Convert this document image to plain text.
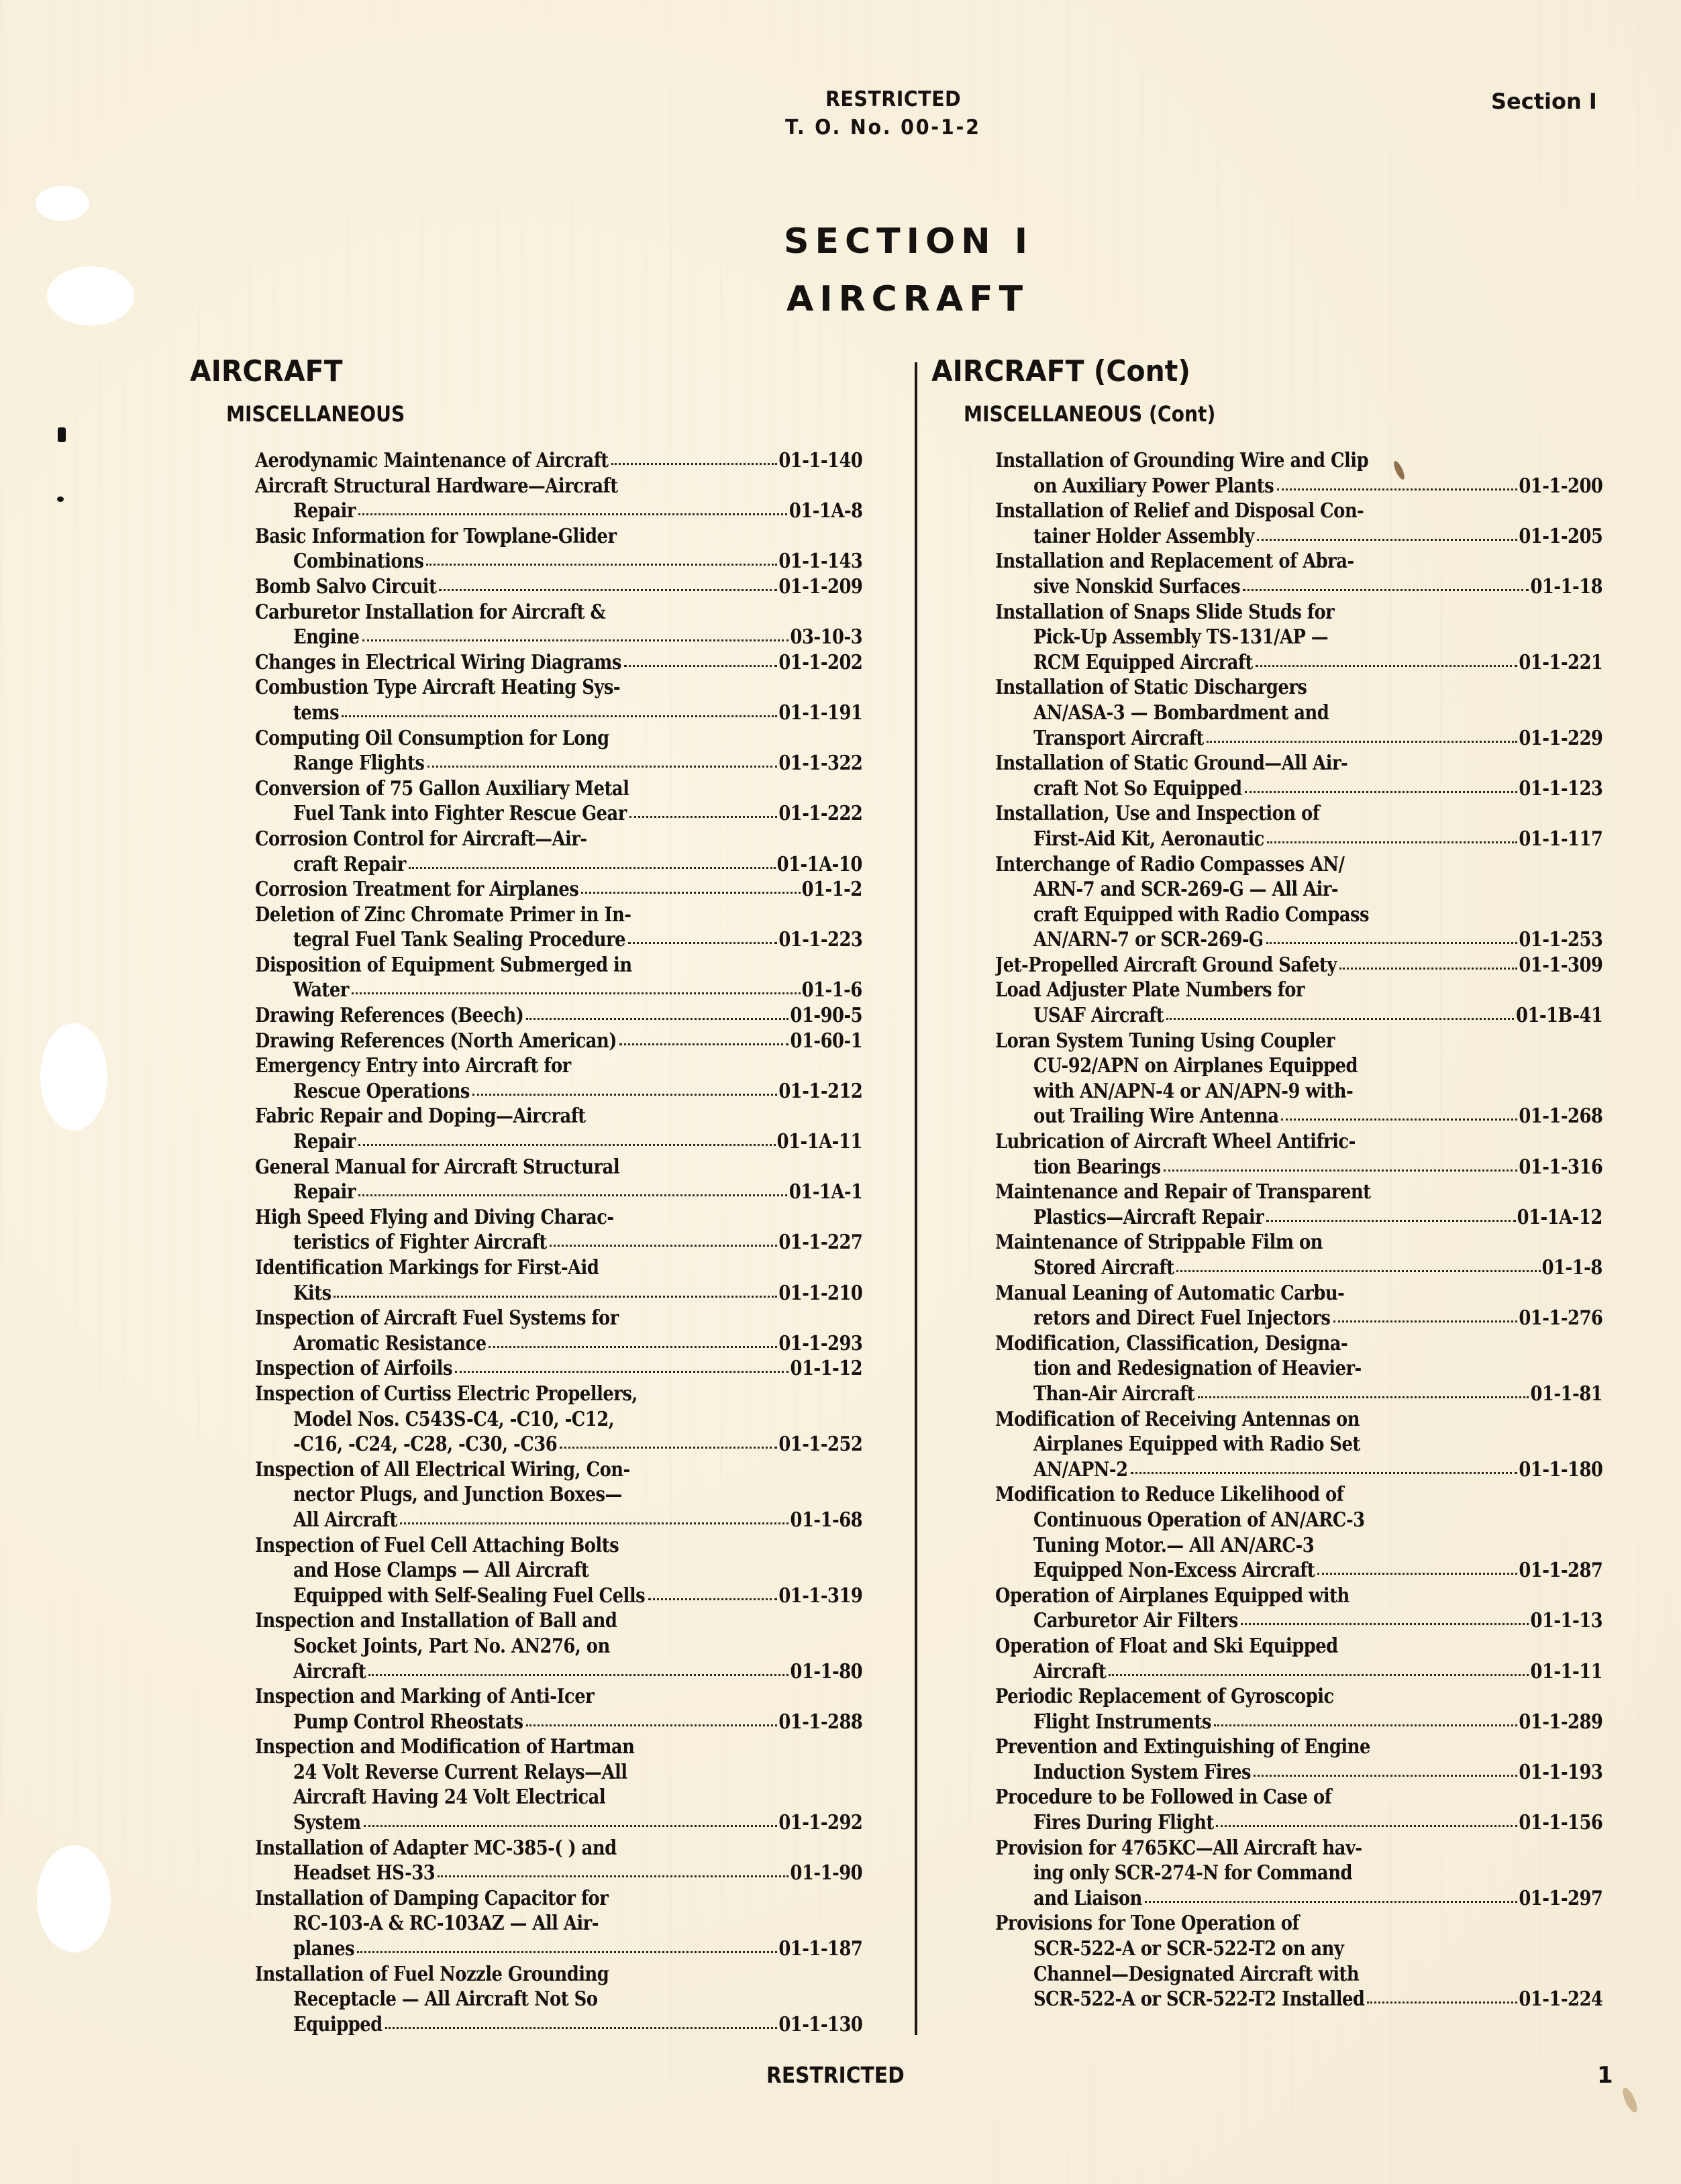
RESTRICTED
T. O. No. 00-1-2
Section I
SECTION I
AIRCRAFT
AIRCRAFT
MISCELLANEOUS
Aerodynamic Maintenance of Aircraft	01-1-140
Aircraft Structural Hardware—Aircraft
Repair	01-1A-8
Basic Information for Towplane-Glider
Combinations	01-1-143
Bomb Salvo Circuit	01-1-209
Carburetor Installation for Aircraft &
Engine	03-10-3
Changes in Electrical Wiring Diagrams	01-1-202
Combustion Type Aircraft Heating Sys-
tems	01-1-191
Computing Oil Consumption for Long
Range Flights	01-1-322
Conversion of 75 Gallon Auxiliary Metal
Fuel Tank into Fighter Rescue Gear	01-1-222
Corrosion Control for Aircraft—Air-
craft Repair	01-1A-10
Corrosion Treatment for Airplanes	01-1-2
Deletion of Zinc Chromate Primer in In-
tegral Fuel Tank Sealing Procedure	01-1-223
Disposition of Equipment Submerged in
Water	01-1-6
Drawing References (Beech)	01-90-5
Drawing References (North American)	01-60-1
Emergency Entry into Aircraft for
Rescue Operations	01-1-212
Fabric Repair and Doping—Aircraft
Repair	01-1A-11
General Manual for Aircraft Structural
Repair	01-1A-1
High Speed Flying and Diving Charac-
teristics of Fighter Aircraft	01-1-227
Identification Markings for First-Aid
Kits	01-1-210
Inspection of Aircraft Fuel Systems for
Aromatic Resistance	01-1-293
Inspection of Airfoils	01-1-12
Inspection of Curtiss Electric Propellers,
Model Nos. C543S-C4, -C10, -C12,
-C16, -C24, -C28, -C30, -C36	01-1-252
Inspection of All Electrical Wiring, Con-
nector Plugs, and Junction Boxes—
All Aircraft	01-1-68
Inspection of Fuel Cell Attaching Bolts
and Hose Clamps — All Aircraft
Equipped with Self-Sealing Fuel Cells	01-1-319
Inspection and Installation of Ball and
Socket Joints, Part No. AN276, on
Aircraft	01-1-80
Inspection and Marking of Anti-Icer
Pump Control Rheostats	01-1-288
Inspection and Modification of Hartman
24 Volt Reverse Current Relays—All
Aircraft Having 24 Volt Electrical
System	01-1-292
Installation of Adapter MC-385-( ) and
Headset HS-33	01-1-90
Installation of Damping Capacitor for
RC-103-A & RC-103AZ — All Air-
planes	01-1-187
Installation of Fuel Nozzle Grounding
Receptacle — All Aircraft Not So
Equipped	01-1-130
AIRCRAFT (Cont)
MISCELLANEOUS (Cont)
Installation of Grounding Wire and Clip
on Auxiliary Power Plants	01-1-200
Installation of Relief and Disposal Con-
tainer Holder Assembly	01-1-205
Installation and Replacement of Abra-
sive Nonskid Surfaces	01-1-18
Installation of Snaps Slide Studs for
Pick-Up Assembly TS-131/AP —
RCM Equipped Aircraft	01-1-221
Installation of Static Dischargers
AN/ASA-3 — Bombardment and
Transport Aircraft	01-1-229
Installation of Static Ground—All Air-
craft Not So Equipped	01-1-123
Installation, Use and Inspection of
First-Aid Kit, Aeronautic	01-1-117
Interchange of Radio Compasses AN/
ARN-7 and SCR-269-G — All Air-
craft Equipped with Radio Compass
AN/ARN-7 or SCR-269-G	01-1-253
Jet-Propelled Aircraft Ground Safety	01-1-309
Load Adjuster Plate Numbers for
USAF Aircraft	01-1B-41
Loran System Tuning Using Coupler
CU-92/APN on Airplanes Equipped
with AN/APN-4 or AN/APN-9 with-
out Trailing Wire Antenna	01-1-268
Lubrication of Aircraft Wheel Antifric-
tion Bearings	01-1-316
Maintenance and Repair of Transparent
Plastics—Aircraft Repair	01-1A-12
Maintenance of Strippable Film on
Stored Aircraft	01-1-8
Manual Leaning of Automatic Carbu-
retors and Direct Fuel Injectors	01-1-276
Modification, Classification, Designa-
tion and Redesignation of Heavier-
Than-Air Aircraft	01-1-81
Modification of Receiving Antennas on
Airplanes Equipped with Radio Set
AN/APN-2	01-1-180
Modification to Reduce Likelihood of
Continuous Operation of AN/ARC-3
Tuning Motor.— All AN/ARC-3
Equipped Non-Excess Aircraft	01-1-287
Operation of Airplanes Equipped with
Carburetor Air Filters	01-1-13
Operation of Float and Ski Equipped
Aircraft	01-1-11
Periodic Replacement of Gyroscopic
Flight Instruments	01-1-289
Prevention and Extinguishing of Engine
Induction System Fires	01-1-193
Procedure to be Followed in Case of
Fires During Flight	01-1-156
Provision for 4765KC—All Aircraft hav-
ing only SCR-274-N for Command
and Liaison	01-1-297
Provisions for Tone Operation of
SCR-522-A or SCR-522-T2 on any
Channel—Designated Aircraft with
SCR-522-A or SCR-522-T2 Installed	01-1-224
RESTRICTED	1
